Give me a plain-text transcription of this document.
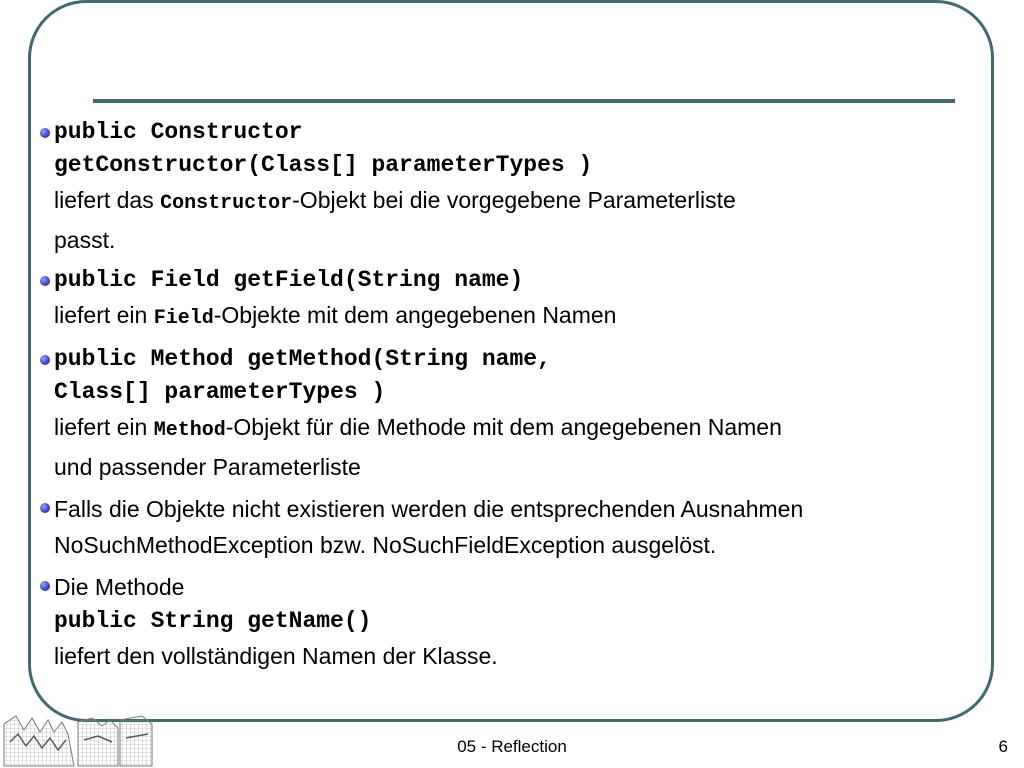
public Constructor
getConstructor(Class[] parameterTypes )
liefert das Constructor-Objekt bei die vorgegebene Parameterliste
passt.
public Field getField(String name)
liefert ein Field-Objekte mit dem angegebenen Namen
public Method getMethod(String name,
Class[] parameterTypes )
liefert ein Method-Objekt für die Methode mit dem angegebenen Namen
und passender Parameterliste
Falls die Objekte nicht existieren werden die entsprechenden Ausnahmen
NoSuchMethodException bzw. NoSuchFieldException ausgelöst.
Die Methode
public String getName()
liefert den vollständigen Namen der Klasse.
05 - Reflection	6
